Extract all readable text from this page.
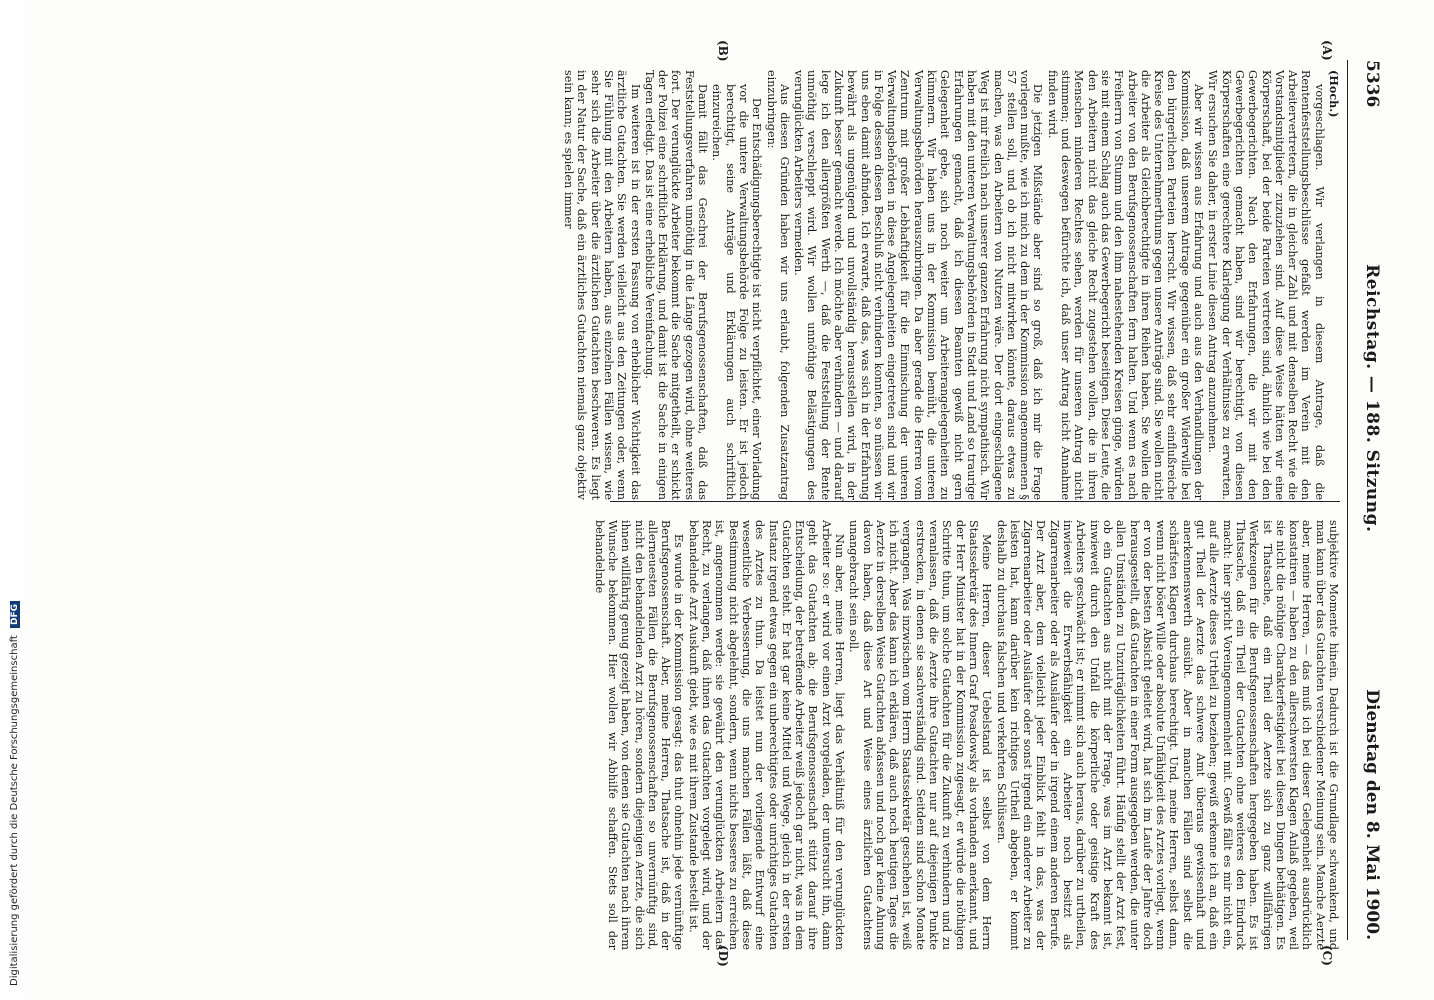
5336
Reichstag. — 188. Sitzung.
Dienstag den 8. Mai 1900.
(A)
(B)
(C)
(D)

(Hoch.)

vorgeschlagen. Wir verlangen in diesem Antrage, daß die Rentenfeststellungsbeschlüsse gefaßt werden im Verein mit den Arbeitervertretern, die in gleicher Zahl und mit denselben Recht wie die Vorstandsmitglieder zuzuziehen sind. Auf diese Weise hätten wir eine Körperschaft, bei der beide Parteien vertreten sind, ähnlich wie bei den Gewerbegerichten. Nach den Erfahrungen, die wir mit den Gewerbegerichten gemacht haben, sind wir berechtigt, von diesen Körperschaften eine gerechtere Klarlegung der Verhältnisse zu erwarten. Wir ersuchen Sie daher, in erster Linie diesen Antrag anzunehmen.

Aber wir wissen aus Erfahrung und auch aus den Verhandlungen der Kommission, daß unserem Antrage gegenüber ein großer Widerwille bei den bürgerlichen Parteien herrscht. Wir wissen, daß sehr einflußreiche Kreise des Unternehmerthums gegen unsere Anträge sind. Sie wollen nicht die Arbeiter als Gleichberechtigte in ihren Reihen haben. Sie wollen die Arbeiter von den Berufsgenossenschaften fern halten. Und wenn es nach Freiherrn von Stumm und den ihm nahestehenden Kreisen ginge, würden sie mit einem Schlag auch das Gewerbegericht beseitigen. Diese Leute, die den Arbeitern nicht das gleiche Recht zugestehen wollen, die in ihren Menschen minderen Rechtes sehen, werden für unseren Antrag nicht stimmen; und deswegen befürchte ich, daß unser Antrag nicht Annahme finden wird.

Die jetzigen Mißstände aber sind so groß, daß ich mir die Frage vorlegen mußte, wie ich mich zu dem in der Kommission angenommenen § 57 stellen soll, und ob ich nicht mitwirken könnte, daraus etwas zu machen, was den Arbeitern von Nutzen wäre. Der dort eingeschlagene Weg ist mir freilich nach unserer ganzen Erfahrung nicht sympathisch. Wir haben mit den unteren Verwaltungsbehörden in Stadt und Land so traurige Erfahrungen gemacht, daß ich diesen Beamten gewiß nicht gern Gelegenheit gebe, sich noch weiter um Arbeiterangelegenheiten zu kümmern. Wir haben uns in der Kommission bemüht, die unteren Verwaltungsbehörden herauszubringen. Da aber gerade die Herren vom Zentrum mit großer Lebhaftigkeit für die Einmischung der unteren Verwaltungsbehörden in diese Angelegenheiten eingetreten sind und wir in Folge dessen diesen Beschluß nicht verhindern konnten, so müssen wir uns eben damit abfinden. Ich erwarte, daß das, was sich in der Erfahrung bewährt als ungenügend und unvollständig herausstellen wird, in der Zukunft besser gemacht werde. Ich möchte aber verhindern — und darauf lege ich den allergrößten Werth —, daß die Feststellung der Rente unnöthig verschleppt wird. Wir wollen unnöthige Belästigungen des verunglückten Arbeiters vermeiden.

Aus diesen Gründen haben wir uns erlaubt, folgenden Zusatzantrag einzubringen:

Der Entschädigungsberechtigte ist nicht verpflichtet, einer Vorladung vor die untere Verwaltungsbehörde Folge zu leisten. Er ist jedoch berechtigt, seine Anträge und Erklärungen auch schriftlich einzureichen.

Damit fällt das Geschrei der Berufsgenossenschaften, daß das Feststellungsverfahren unnöthig in die Länge gezogen wird, ohne weiteres fort. Der verunglückte Arbeiter bekommt die Sache mitgetheilt, er schickt der Polizei eine schriftliche Erklärung, und damit ist die Sache in einigen Tagen erledigt. Das ist eine erhebliche Vereinfachung.

Im weiteren ist in der ersten Fassung von erheblicher Wichtigkeit das ärztliche Gutachten. Sie werden vielleicht aus den Zeitungen oder, wenn Sie Fühlung mit den Arbeitern haben, aus einzelnen Fällen wissen, wie sehr sich die Arbeiter über die ärztlichen Gutachten beschweren. Es liegt in der Natur der Sache, daß ein ärztliches Gutachten niemals ganz objektiv sein kann; es spielen immer

subjektive Momente hinein. Dadurch ist die Grundlage schwankend, und man kann über das Gutachten verschiedener Meinung sein. Manche Aerzte aber, meine Herren, — das muß ich bei dieser Gelegenheit ausdrücklich konstatiren — haben zu den allerschwersten Klagen Anlaß gegeben, weil sie nicht die nöthige Charakterfestigkeit bei diesen Dingen bethätigen. Es ist Thatsache, daß ein Theil der Aerzte sich zu ganz willfährigen Werkzeugen für die Berufsgenossenschaften hergegeben haben. Es ist Thatsache, daß ein Theil der Gutachten ohne weiteres den Eindruck macht: hier spricht Voreingenommenheit mit. Gewiß fällt es mir nicht ein, auf alle Aerzte dieses Urtheil zu beziehen; gewiß erkenne ich an, daß ein gut Theil der Aerzte das schwere Amt überaus gewissenhaft und anerkennenswerth ausübt. Aber in manchen Fällen sind selbst die schärfsten Klagen durchaus berechtigt. Und, meine Herren, selbst dann, wenn nicht böser Wille oder absolute Unfähigkeit des Arztes vorliegt, wenn er von der besten Absicht geleitet wird, hat sich im Laufe der Jahre doch herausgestellt, daß Gutachten in einer Form ausgegeben werden, die unter allen Umständen zu Unzuträglichkeiten führt. Häufig stellt der Arzt fest, ob ein Gutachten aus nicht mit der Frage, was im Arzt bekannt ist, inwieweit durch den Unfall die körperliche oder geistige Kraft des Arbeiters geschwächt ist; er nimmt sich auch heraus, darüber zu urtheilen, inwieweit die Erwerbsfähigkeit ein Arbeiter noch besitzt als Zigarrenarbeiter oder als Ausläufer oder in irgend einem anderen Berufe. Der Arzt aber, dem vielleicht jeder Einblick fehlt in das, was der Zigarrenarbeiter oder Ausläufer oder sonst irgend ein anderer Arbeiter zu leisten hat, kann darüber kein richtiges Urtheil abgeben, er kommt deshalb zu durchaus falschen und verkehrten Schlüssen.

Meine Herren, dieser Uebelstand ist selbst von dem Herrn Staatssekretär des Innern Graf Posadowsky als vorhanden anerkannt, und der Herr Minister hat in der Kommission zugesagt, er würde die nöthigen Schritte thun, um solche Gutachten für die Zukunft zu verhindern und zu veranlassen, daß die Aerzte ihre Gutachten nur auf diejenigen Punkte erstrecken, in denen sie sachverständig sind. Seitdem sind schon Monate vergangen. Was inzwischen vom Herrn Staatssekretär geschehen ist, weiß ich nicht. Aber das kann ich erklären, daß auch noch heutigen Tages die Aerzte in derselben Weise Gutachten abfassen und noch gar keine Ahnung davon haben, daß diese Art und Weise eines ärztlichen Gutachtens unangebracht sein soll.

Nun aber, meine Herren, liegt das Verhältniß für den verunglückten Arbeiter so: er wird vor einen Arzt vorgeladen, der untersucht ihn, dann geht das Gutachten ab; die Berufsgenossenschaft stützt darauf ihre Entscheidung, der betreffende Arbeiter weiß jedoch gar nicht, was in dem Gutachten steht. Er hat gar keine Mittel und Wege, gleich in der ersten Instanz irgend etwas gegen ein unberechtigtes oder unrichtiges Gutachten des Arztes zu thun. Da leistet nun der vorliegende Entwurf eine wesentliche Verbesserung, die uns manchen Fällen läßt, daß diese Bestimmung nicht abgelehnt, sondern, wenn nichts besseres zu erreichen ist, angenommen werde: sie gewährt den verunglückten Arbeitern das Recht, zu verlangen, daß ihnen das Gutachten vorgelegt wird, und der behandelnde Arzt Auskunft giebt, wie es mit ihrem Zustande bestellt ist.

Es wurde in der Kommission gesagt: das thut ohnehin jede vernünftige Berufsgenossenschaft. Aber, meine Herren, Thatsache ist, daß in der allerneuesten Fällen die Berufsgenossenschaften so unvernünftig sind, nicht den behandelnden Arzt zu hören, sondern diejenigen Aerzte, die sich ihnen willfährig genug gezeigt haben, von denen sie Gutachten nach ihrem Wunsche bekommen. Hier wollen wir Abhilfe schaffen. Stets soll der behandelnde

Digitalisierung gefördert durch die Deutsche Forschungsgemeinschaft DFG
